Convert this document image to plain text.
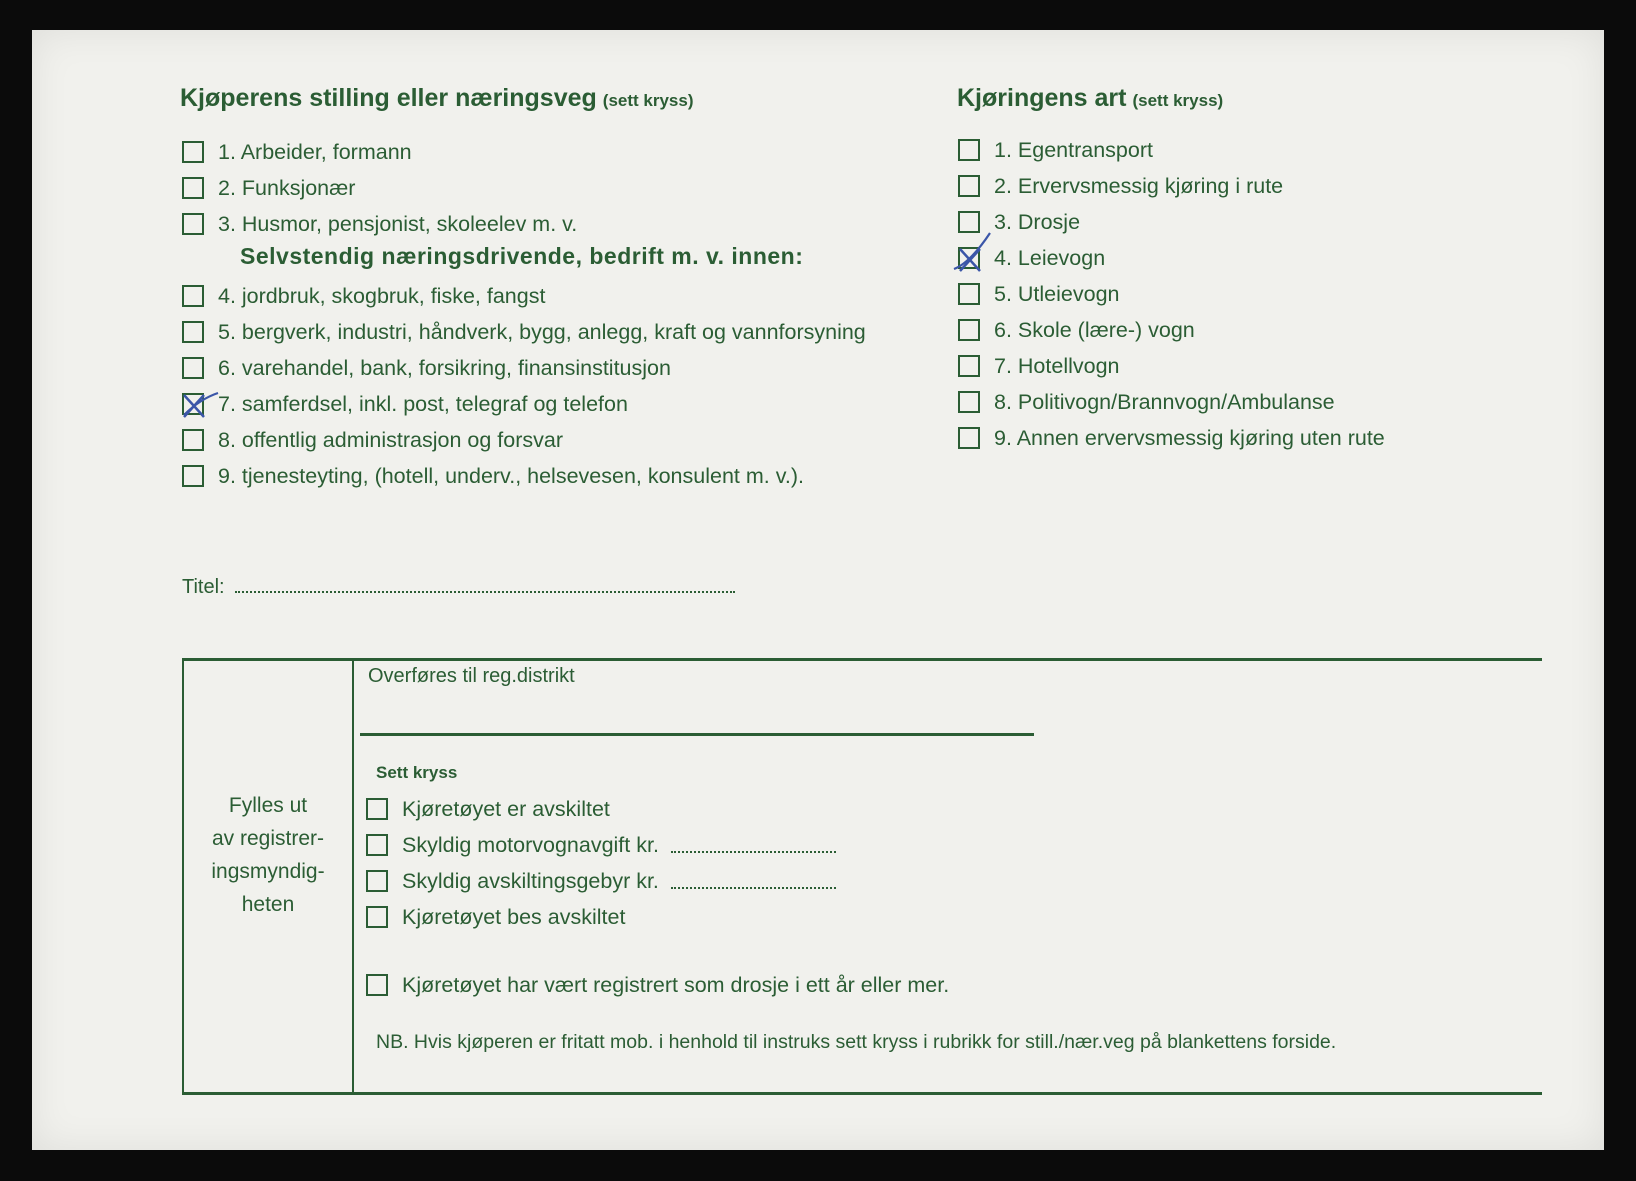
Kjøperens stilling eller næringsveg (sett kryss)
1. Arbeider, formann
2. Funksjonær
3. Husmor, pensjonist, skoleelev m. v.
Selvstendig næringsdrivende, bedrift m. v. innen:
4. jordbruk, skogbruk, fiske, fangst
5. bergverk, industri, håndverk, bygg, anlegg, kraft og vannforsyning
6. varehandel, bank, forsikring, finansinstitusjon
7. samferdsel, inkl. post, telegraf og telefon
8. offentlig administrasjon og forsvar
9. tjenesteyting, (hotell, underv., helsevesen, konsulent m. v.).
Kjøringens art (sett kryss)
1. Egentransport
2. Ervervsmessig kjøring i rute
3. Drosje
4. Leievogn
5. Utleievogn
6. Skole (lære-) vogn
7. Hotellvogn
8. Politivogn/Brannvogn/Ambulanse
9. Annen ervervsmessig kjøring uten rute
Titel:
Fylles ut
av registrer-
ingsmyndig-
heten
Overføres til reg.distrikt
Sett kryss
Kjøretøyet er avskiltet
Skyldig motorvognavgift kr.
Skyldig avskiltingsgebyr kr.
Kjøretøyet bes avskiltet
Kjøretøyet har vært registrert som drosje i ett år eller mer.
NB. Hvis kjøperen er fritatt mob. i henhold til instruks sett kryss i rubrikk for still./nær.veg på blankettens forside.
